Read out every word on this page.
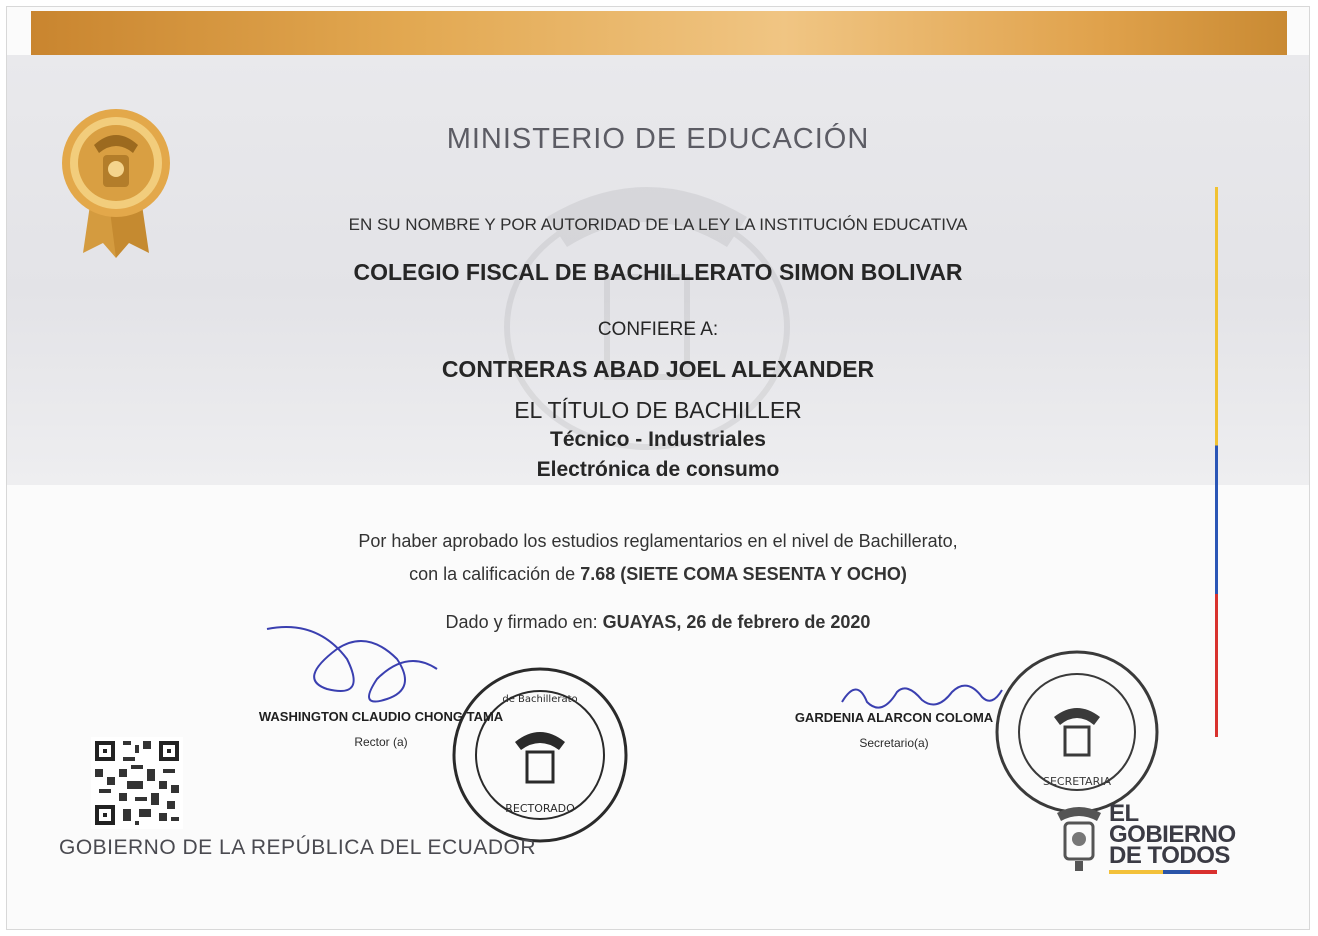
MINISTERIO DE EDUCACIÓN
EN SU NOMBRE Y POR AUTORIDAD DE LA LEY LA INSTITUCIÓN EDUCATIVA
COLEGIO FISCAL DE BACHILLERATO SIMON BOLIVAR
CONFIERE A:
CONTRERAS ABAD JOEL ALEXANDER
EL TÍTULO DE BACHILLER
Técnico - Industriales
Electrónica de consumo
Por haber aprobado los estudios reglamentarios en el nivel de Bachillerato,
con la calificación de 7.68 (SIETE COMA SESENTA Y OCHO)
Dado y firmado en: GUAYAS, 26 de febrero de 2020
de Bachillerato
RECTORADO
SECRETARIA
WASHINGTON CLAUDIO CHONG TAMA
Rector (a)
GARDENIA ALARCON COLOMA
Secretario(a)
GOBIERNO DE LA REPÚBLICA DEL ECUADOR
EL
GOBIERNO
DE TODOS
